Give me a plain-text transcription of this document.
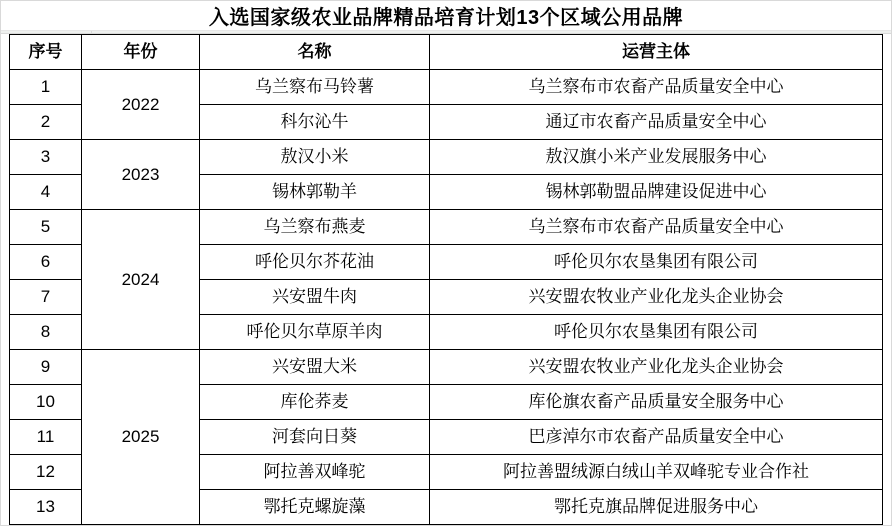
入选国家级农业品牌精品培育计划13个区域公用品牌
序号	年份	名称	运营主体
1	2022	乌兰察布马铃薯	乌兰察布市农畜产品质量安全中心
2		科尔沁牛	通辽市农畜产品质量安全中心
3	2023	敖汉小米	敖汉旗小米产业发展服务中心
4		锡林郭勒羊	锡林郭勒盟品牌建设促进中心
5	2024	乌兰察布燕麦	乌兰察布市农畜产品质量安全中心
6		呼伦贝尔芥花油	呼伦贝尔农垦集团有限公司
7		兴安盟牛肉	兴安盟农牧业产业化龙头企业协会
8		呼伦贝尔草原羊肉	呼伦贝尔农垦集团有限公司
9	2025	兴安盟大米	兴安盟农牧业产业化龙头企业协会
10		库伦荞麦	库伦旗农畜产品质量安全服务中心
11		河套向日葵	巴彦淖尔市农畜产品质量安全中心
12		阿拉善双峰驼	阿拉善盟绒源白绒山羊双峰驼专业合作社
13		鄂托克螺旋藻	鄂托克旗品牌促进服务中心
